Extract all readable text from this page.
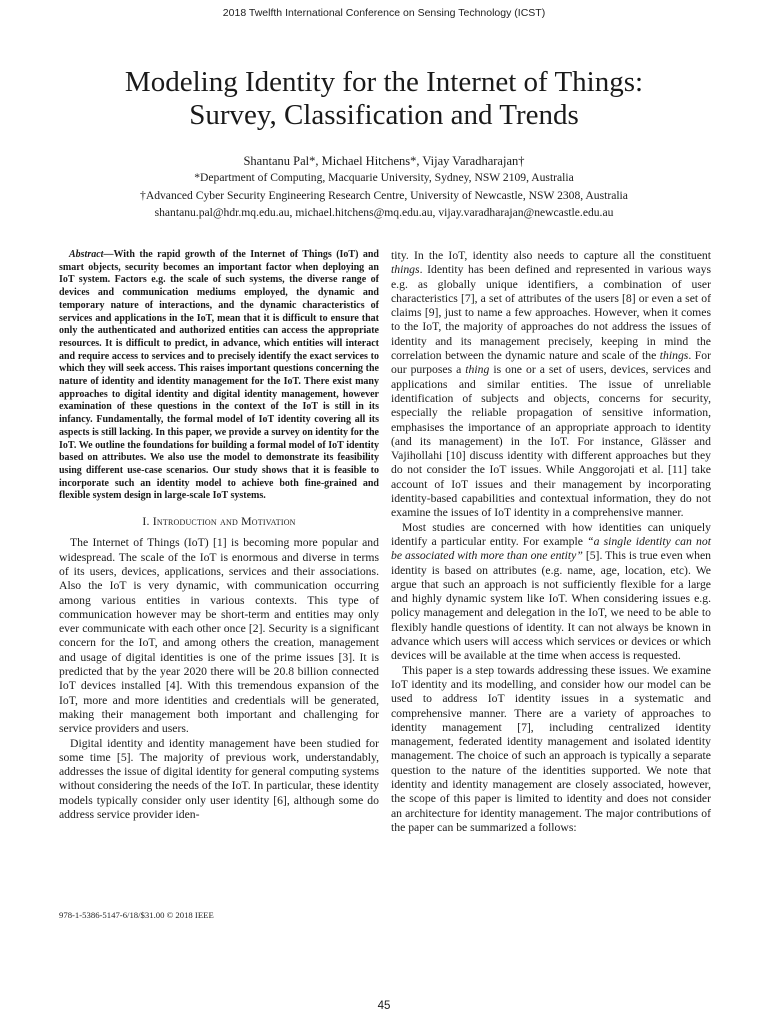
2018 Twelfth International Conference on Sensing Technology (ICST)
Modeling Identity for the Internet of Things:
Survey, Classification and Trends
Shantanu Pal*, Michael Hitchens*, Vijay Varadharajan†
*Department of Computing, Macquarie University, Sydney, NSW 2109, Australia
†Advanced Cyber Security Engineering Research Centre, University of Newcastle, NSW 2308, Australia
shantanu.pal@hdr.mq.edu.au, michael.hitchens@mq.edu.au, vijay.varadharajan@newcastle.edu.au

Abstract—With the rapid growth of the Internet of Things (IoT) and smart objects, security becomes an important factor when deploying an IoT system. Factors e.g. the scale of such systems, the diverse range of devices and communication mediums employed, the dynamic and temporary nature of interactions, and the dynamic characteristics of services and applications in the IoT, mean that it is difficult to ensure that only the authenticated and authorized entities can access the appropriate resources. It is difficult to predict, in advance, which entities will interact and require access to services and to precisely identify the exact services to which they will seek access. This raises important questions concerning the nature of identity and identity management for the IoT. There exist many approaches to digital identity and digital identity management, however examination of these questions in the context of the IoT is still in its infancy. Fundamentally, the formal model of IoT identity covering all its aspects is still lacking. In this paper, we provide a survey on identity for the IoT. We outline the foundations for building a formal model of IoT identity based on attributes. We also use the model to demonstrate its feasibility using different use-case scenarios. Our study shows that it is feasible to incorporate such an identity model to achieve both fine-grained and flexible system design in large-scale IoT systems.

I. Introduction and Motivation

The Internet of Things (IoT) [1] is becoming more popular and widespread. The scale of the IoT is enormous and diverse in terms of its users, devices, applications, services and their associations. Also the IoT is very dynamic, with communication occurring among various entities in various contexts. This type of communication however may be short-term and entities may only ever communicate with each other once [2]. Security is a significant concern for the IoT, and among others the creation, management and usage of digital identities is one of the prime issues [3]. It is predicted that by the year 2020 there will be 20.8 billion connected IoT devices installed [4]. With this tremendous expansion of the IoT, more and more identities and credentials will be generated, making their management both important and challenging for service providers and users.

Digital identity and identity management have been studied for some time [5]. The majority of previous work, understandably, addresses the issue of digital identity for general computing systems without considering the needs of the IoT. In particular, these identity models typically consider only user identity [6], although some do address service provider iden-

tity. In the IoT, identity also needs to capture all the constituent things. Identity has been defined and represented in various ways e.g. as globally unique identifiers, a combination of user characteristics [7], a set of attributes of the users [8] or even a set of claims [9], just to name a few approaches. However, when it comes to the IoT, the majority of approaches do not address the issues of identity and its management precisely, keeping in mind the correlation between the dynamic nature and scale of the things. For our purposes a thing is one or a set of users, devices, services and applications and similar entities. The issue of unreliable identification of subjects and objects, concerns for security, especially the reliable propagation of sensitive information, emphasises the importance of an appropriate approach to identity (and its management) in the IoT. For instance, Glässer and Vajihollahi [10] discuss identity with different approaches but they do not consider the IoT issues. While Anggorojati et al. [11] take account of IoT issues and their management by incorporating identity-based capabilities and contextual information, they do not examine the issues of IoT identity in a comprehensive manner.

Most studies are concerned with how identities can uniquely identify a particular entity. For example “a single identity can not be associated with more than one entity” [5]. This is true even when identity is based on attributes (e.g. name, age, location, etc). We argue that such an approach is not sufficiently flexible for a large and highly dynamic system like IoT. When considering issues e.g. policy management and delegation in the IoT, we need to be able to flexibly handle questions of identity. It can not always be known in advance which users will access which services or devices or which devices will be available at the time when access is requested.

This paper is a step towards addressing these issues. We examine IoT identity and its modelling, and consider how our model can be used to address IoT identity issues in a systematic and comprehensive manner. There are a variety of approaches to identity management [7], including centralized identity management, federated identity management and isolated identity management. The choice of such an approach is typically a separate question to the nature of the identities supported. We note that identity and identity management are closely associated, however, the scope of this paper is limited to identity and does not consider an architecture for identity management. The major contributions of the paper can be summarized a follows:

978-1-5386-5147-6/18/$31.00 © 2018 IEEE
45
